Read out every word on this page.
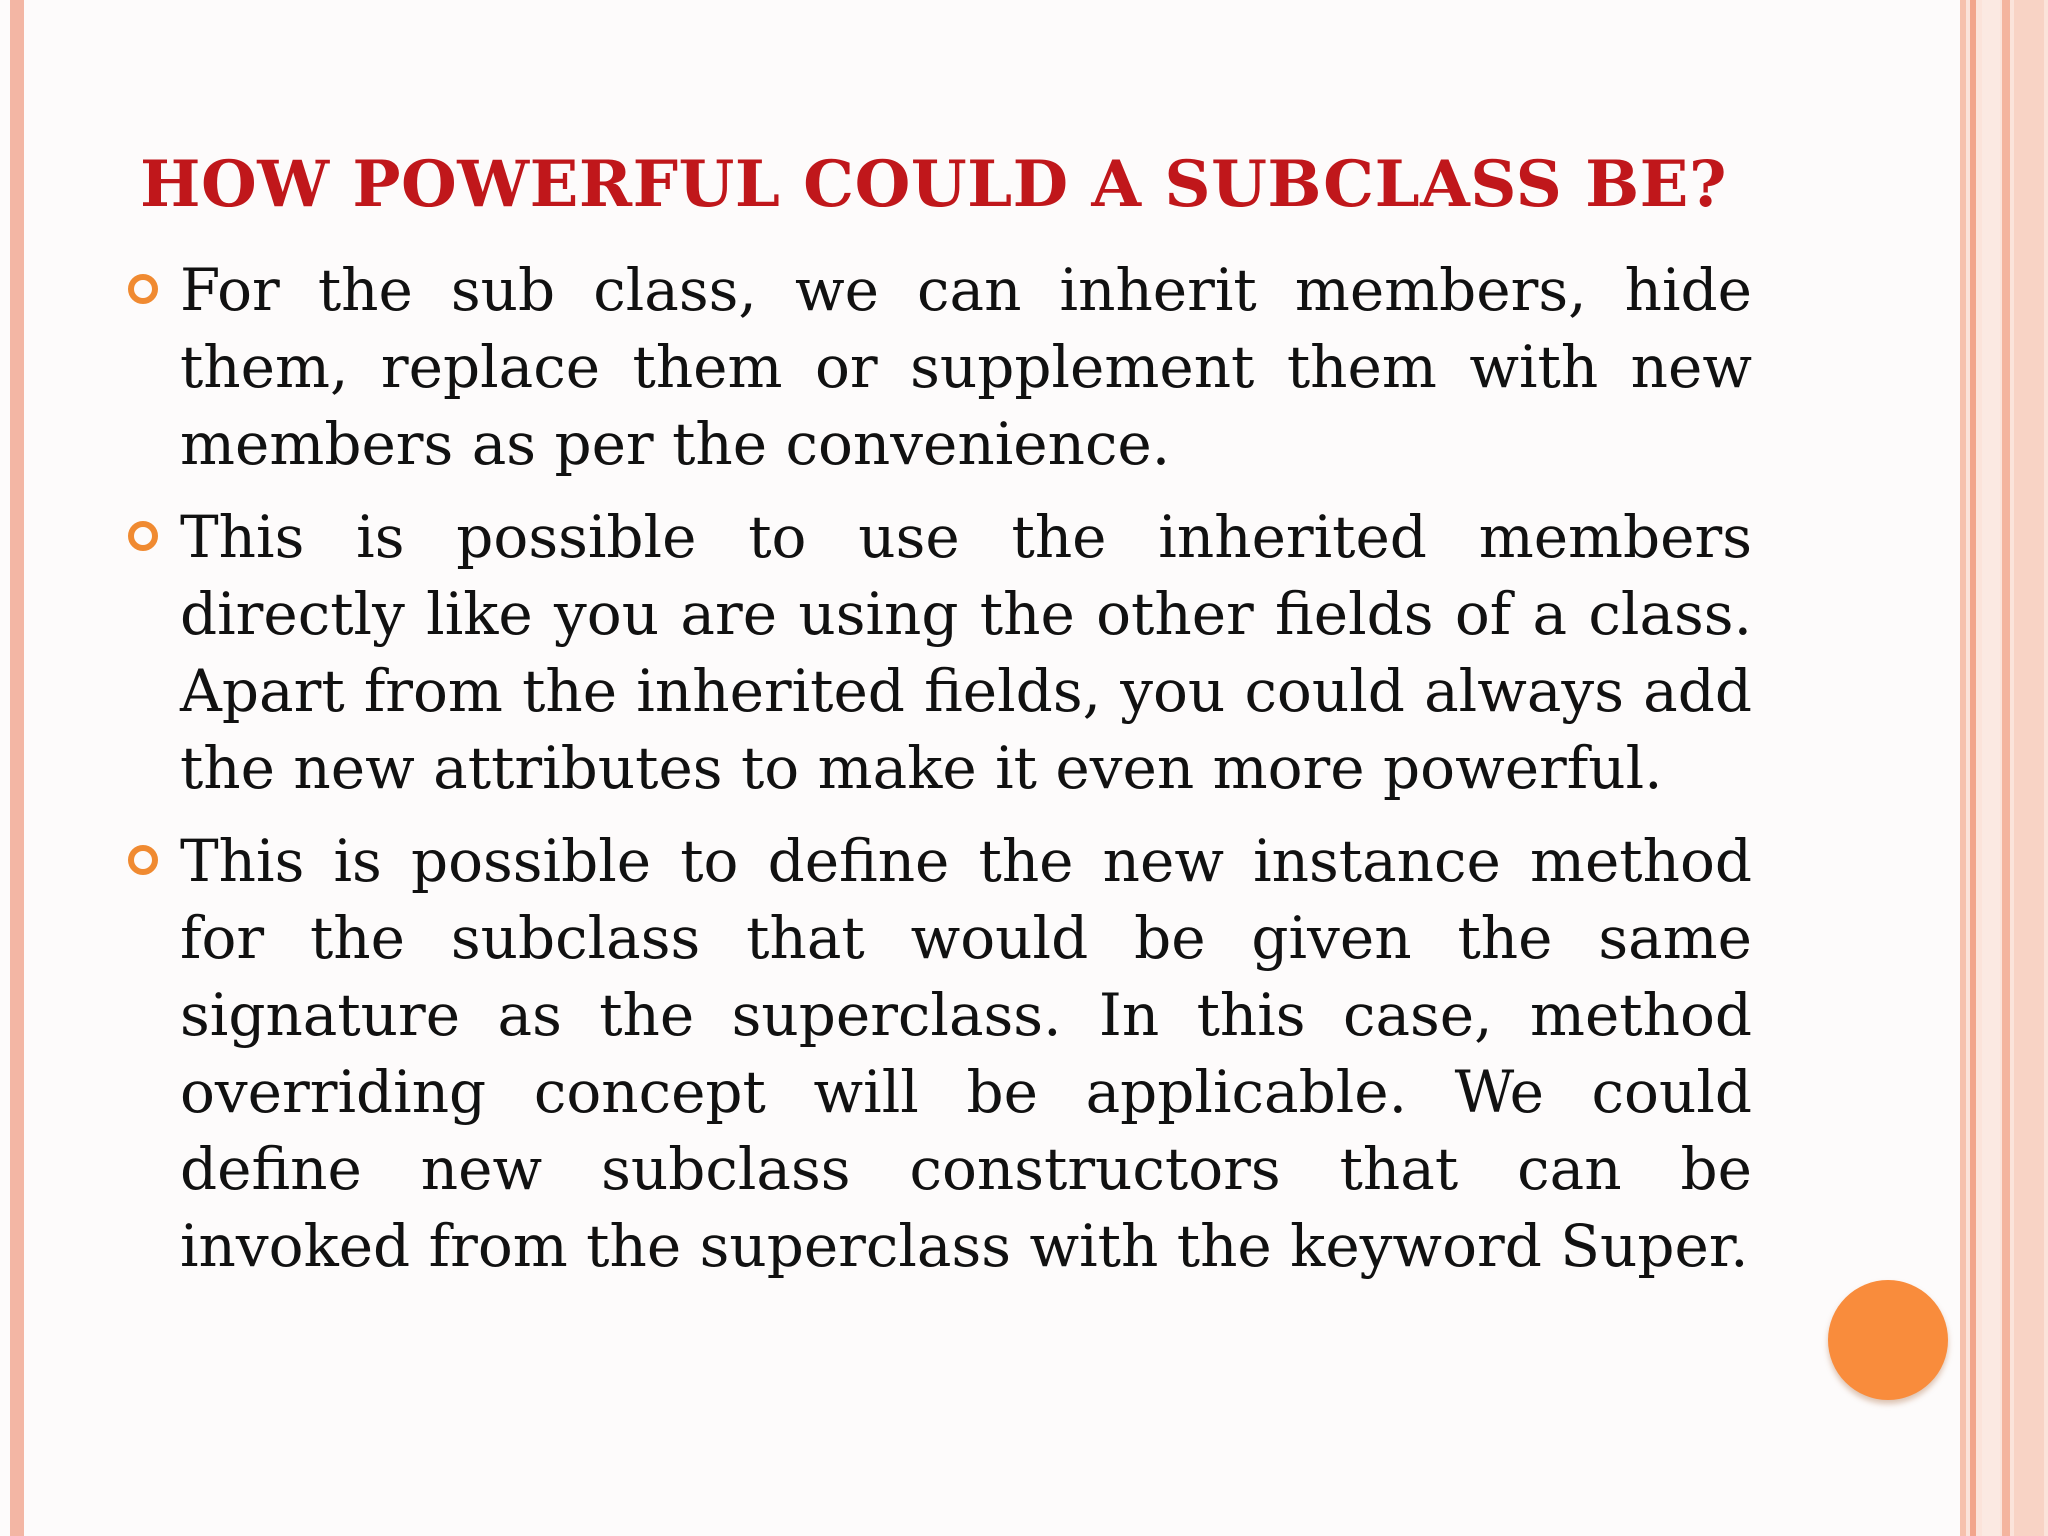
HOW POWERFUL COULD A SUBCLASS BE?
For the sub class, we can inherit members, hide them, replace them or supplement them with new members as per the convenience.
This is possible to use the inherited members directly like you are using the other fields of a class. Apart from the inherited fields, you could always add the new attributes to make it even more powerful.
This is possible to define the new instance method for the subclass that would be given the same signature as the superclass. In this case, method overriding concept will be applicable. We could define new subclass constructors that can be invoked from the superclass with the keyword Super.
